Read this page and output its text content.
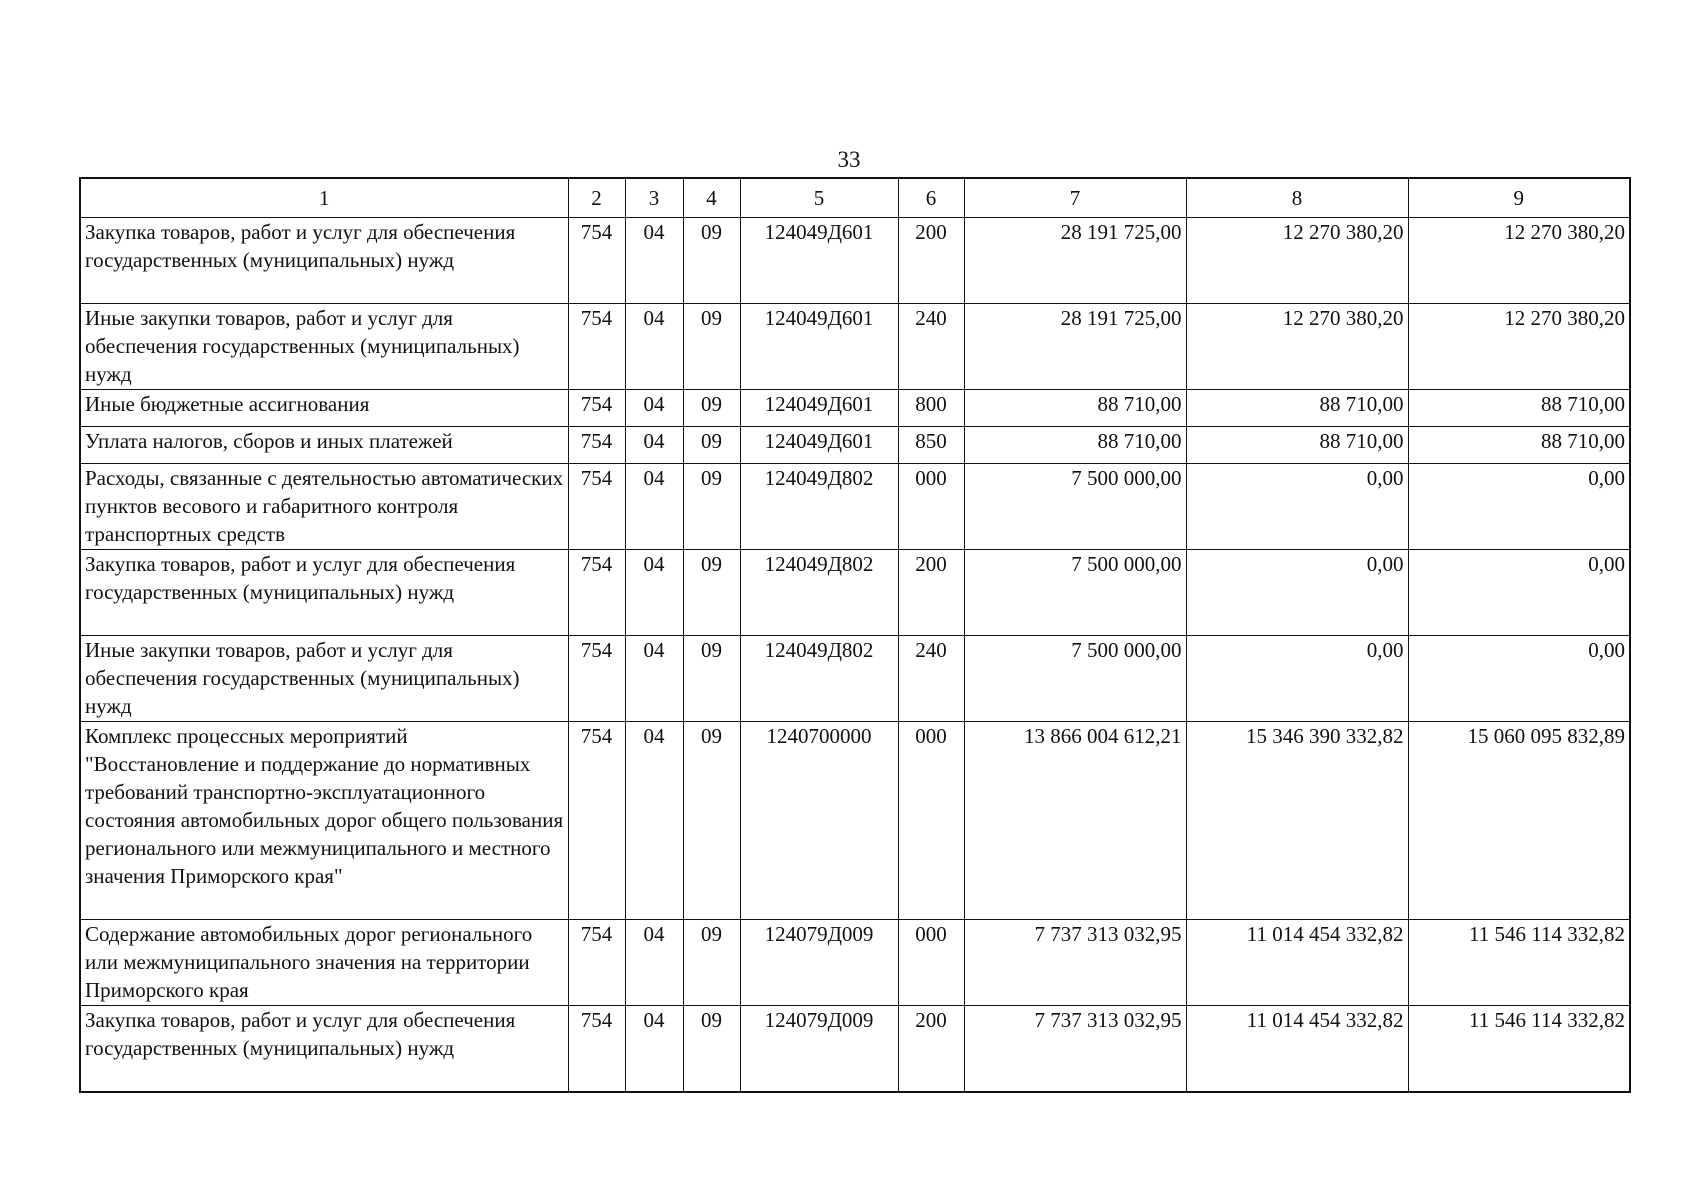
33
1	2	3	4	5	6	7	8	9
Закупка товаров, работ и услуг для обеспечения государственных (муниципальных) нужд	754	04	09	124049Д601	200	28 191 725,00	12 270 380,20	12 270 380,20
Иные закупки товаров, работ и услуг для обеспечения государственных (муниципальных) нужд	754	04	09	124049Д601	240	28 191 725,00	12 270 380,20	12 270 380,20
Иные бюджетные ассигнования	754	04	09	124049Д601	800	88 710,00	88 710,00	88 710,00
Уплата налогов, сборов и иных платежей	754	04	09	124049Д601	850	88 710,00	88 710,00	88 710,00
Расходы, связанные с деятельностью автоматических пунктов весового и габаритного контроля транспортных средств	754	04	09	124049Д802	000	7 500 000,00	0,00	0,00
Закупка товаров, работ и услуг для обеспечения государственных (муниципальных) нужд	754	04	09	124049Д802	200	7 500 000,00	0,00	0,00
Иные закупки товаров, работ и услуг для обеспечения государственных (муниципальных) нужд	754	04	09	124049Д802	240	7 500 000,00	0,00	0,00
Комплекс процессных мероприятий "Восстановление и поддержание до нормативных требований транспортно-эксплуатационного состояния автомобильных дорог общего пользования регионального или межмуниципального и местного значения Приморского края"	754	04	09	1240700000	000	13 866 004 612,21	15 346 390 332,82	15 060 095 832,89
Содержание автомобильных дорог регионального или межмуниципального значения на территории Приморского края	754	04	09	124079Д009	000	7 737 313 032,95	11 014 454 332,82	11 546 114 332,82
Закупка товаров, работ и услуг для обеспечения государственных (муниципальных) нужд	754	04	09	124079Д009	200	7 737 313 032,95	11 014 454 332,82	11 546 114 332,82
